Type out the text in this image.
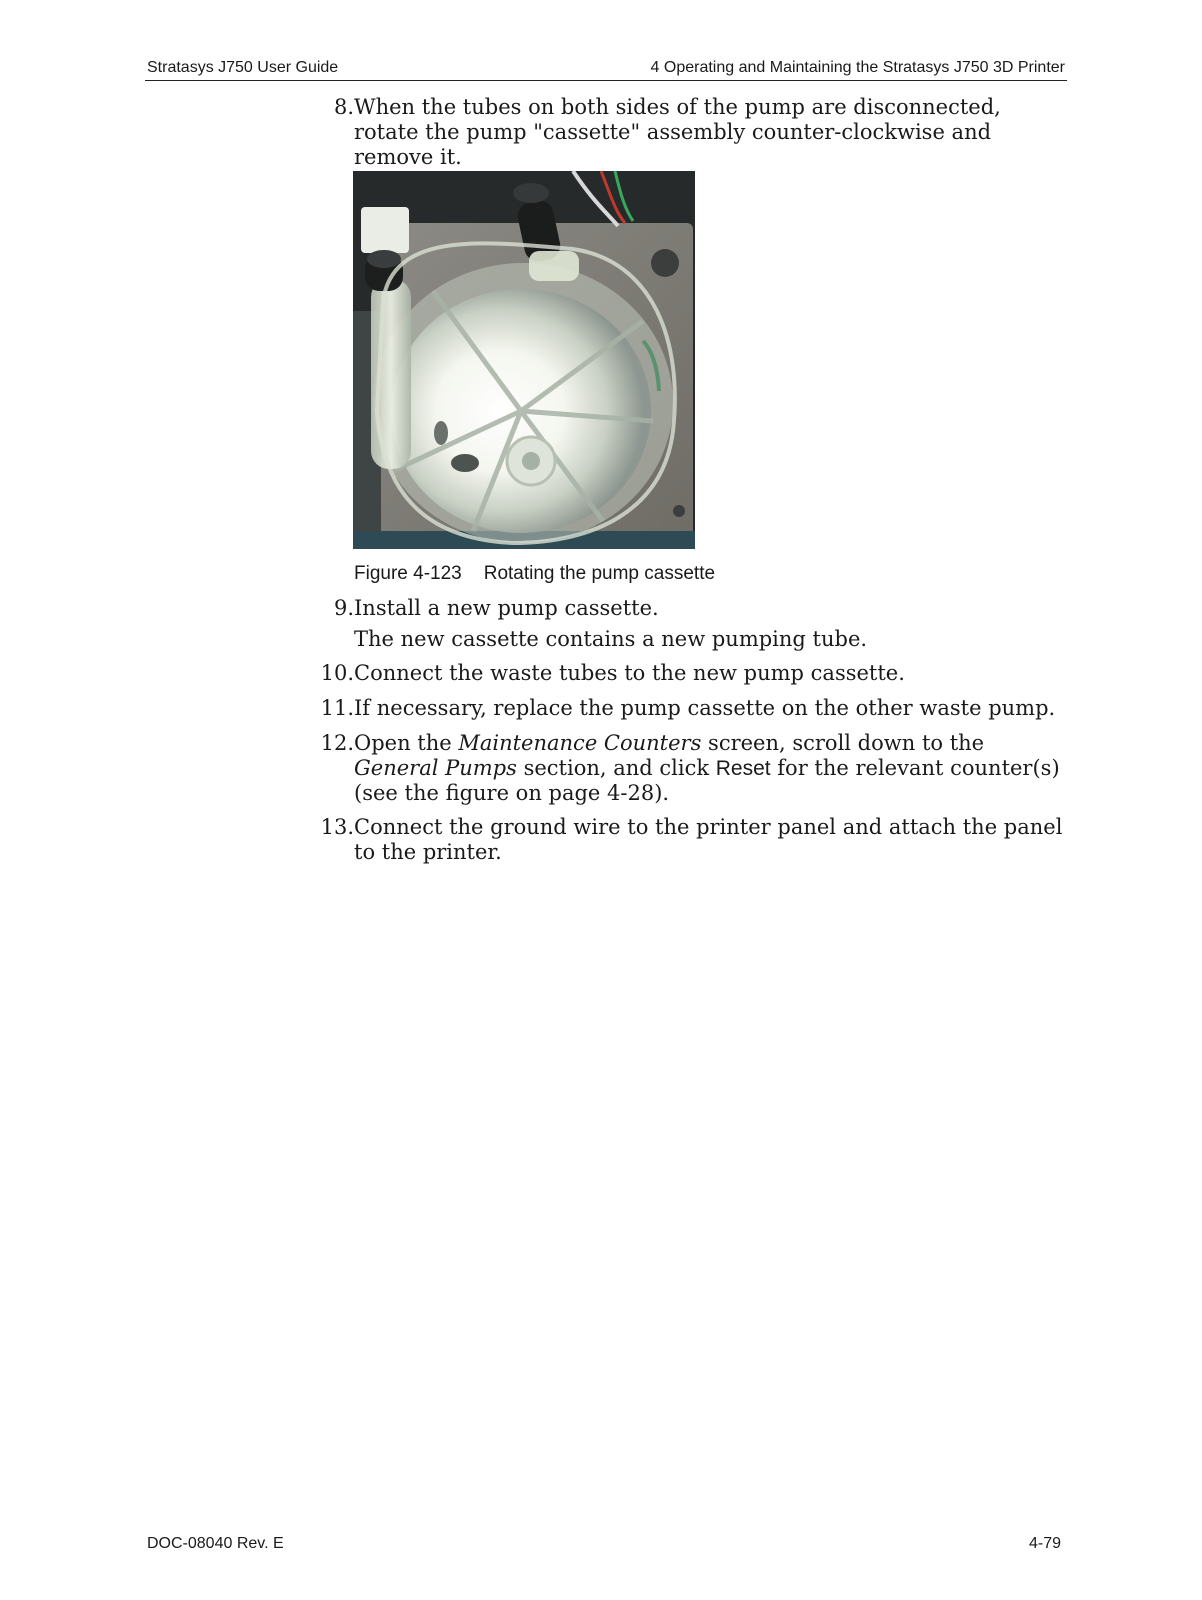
Stratasys J750 User Guide	4 Operating and Maintaining the Stratasys J750 3D Printer
8. When the tubes on both sides of the pump are disconnected, rotate the pump "cassette" assembly counter-clockwise and remove it.
Figure 4-123 Rotating the pump cassette
9. Install a new pump cassette.
The new cassette contains a new pumping tube.
10. Connect the waste tubes to the new pump cassette.
11. If necessary, replace the pump cassette on the other waste pump.
12. Open the Maintenance Counters screen, scroll down to the General Pumps section, and click Reset for the relevant counter(s) (see the figure on page 4-28).
13. Connect the ground wire to the printer panel and attach the panel to the printer.
DOC-08040 Rev. E	4-79
